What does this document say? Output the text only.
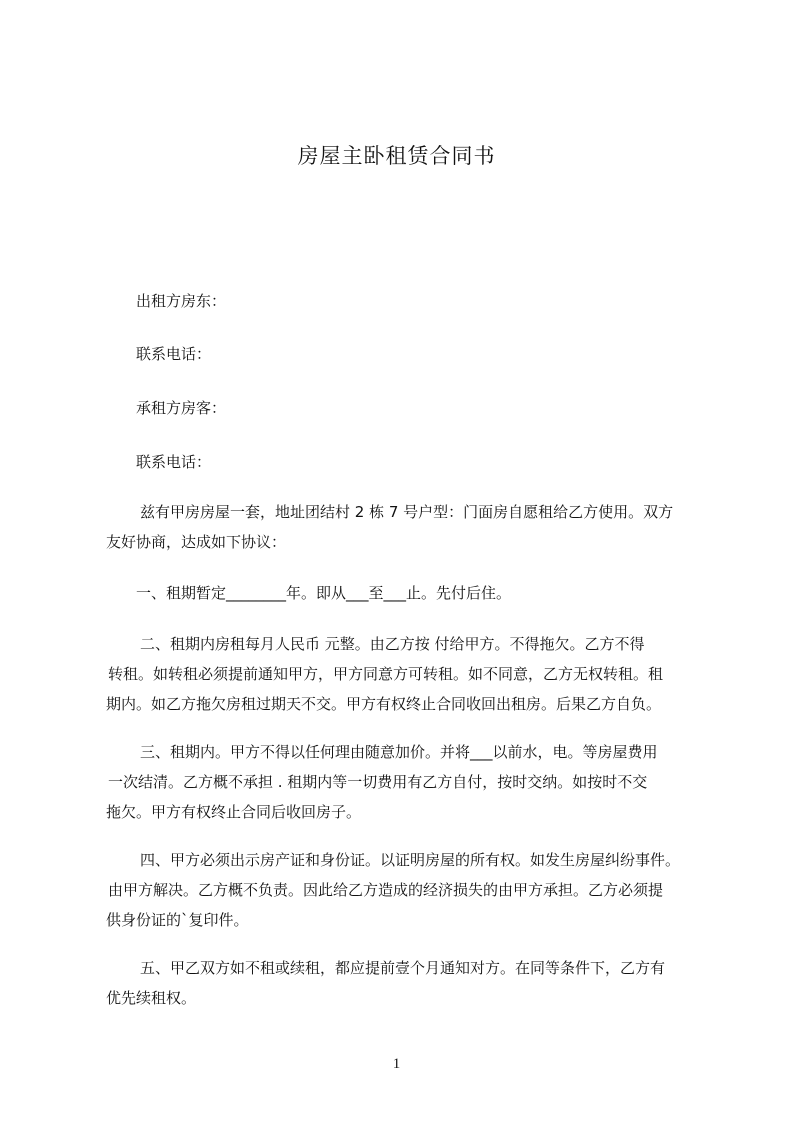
房屋主卧租赁合同书

出租方房东：

联系电话：

承租方房客：

联系电话：

兹有甲房房屋一套，地址团结村 2 栋 7 号户型：门面房自愿租给乙方使用。双方
友好协商，达成如下协议：

一、租期暂定________年。即从___至___止。先付后住。

二、租期内房租每月人民币 元整。由乙方按 付给甲方。不得拖欠。乙方不得
转租。如转租必须提前通知甲方，甲方同意方可转租。如不同意，乙方无权转租。租
期内。如乙方拖欠房租过期天不交。甲方有权终止合同收回出租房。后果乙方自负。

三、租期内。甲方不得以任何理由随意加价。并将___以前水，电。等房屋费用
一次结清。乙方概不承担 . 租期内等一切费用有乙方自付，按时交纳。如按时不交
拖欠。甲方有权终止合同后收回房子。

四、甲方必须出示房产证和身份证。以证明房屋的所有权。如发生房屋纠纷事件。
由甲方解决。乙方概不负责。因此给乙方造成的经济损失的由甲方承担。乙方必须提
供身份证的`复印件。

五、甲乙双方如不租或续租，都应提前壹个月通知对方。在同等条件下，乙方有
优先续租权。

1
